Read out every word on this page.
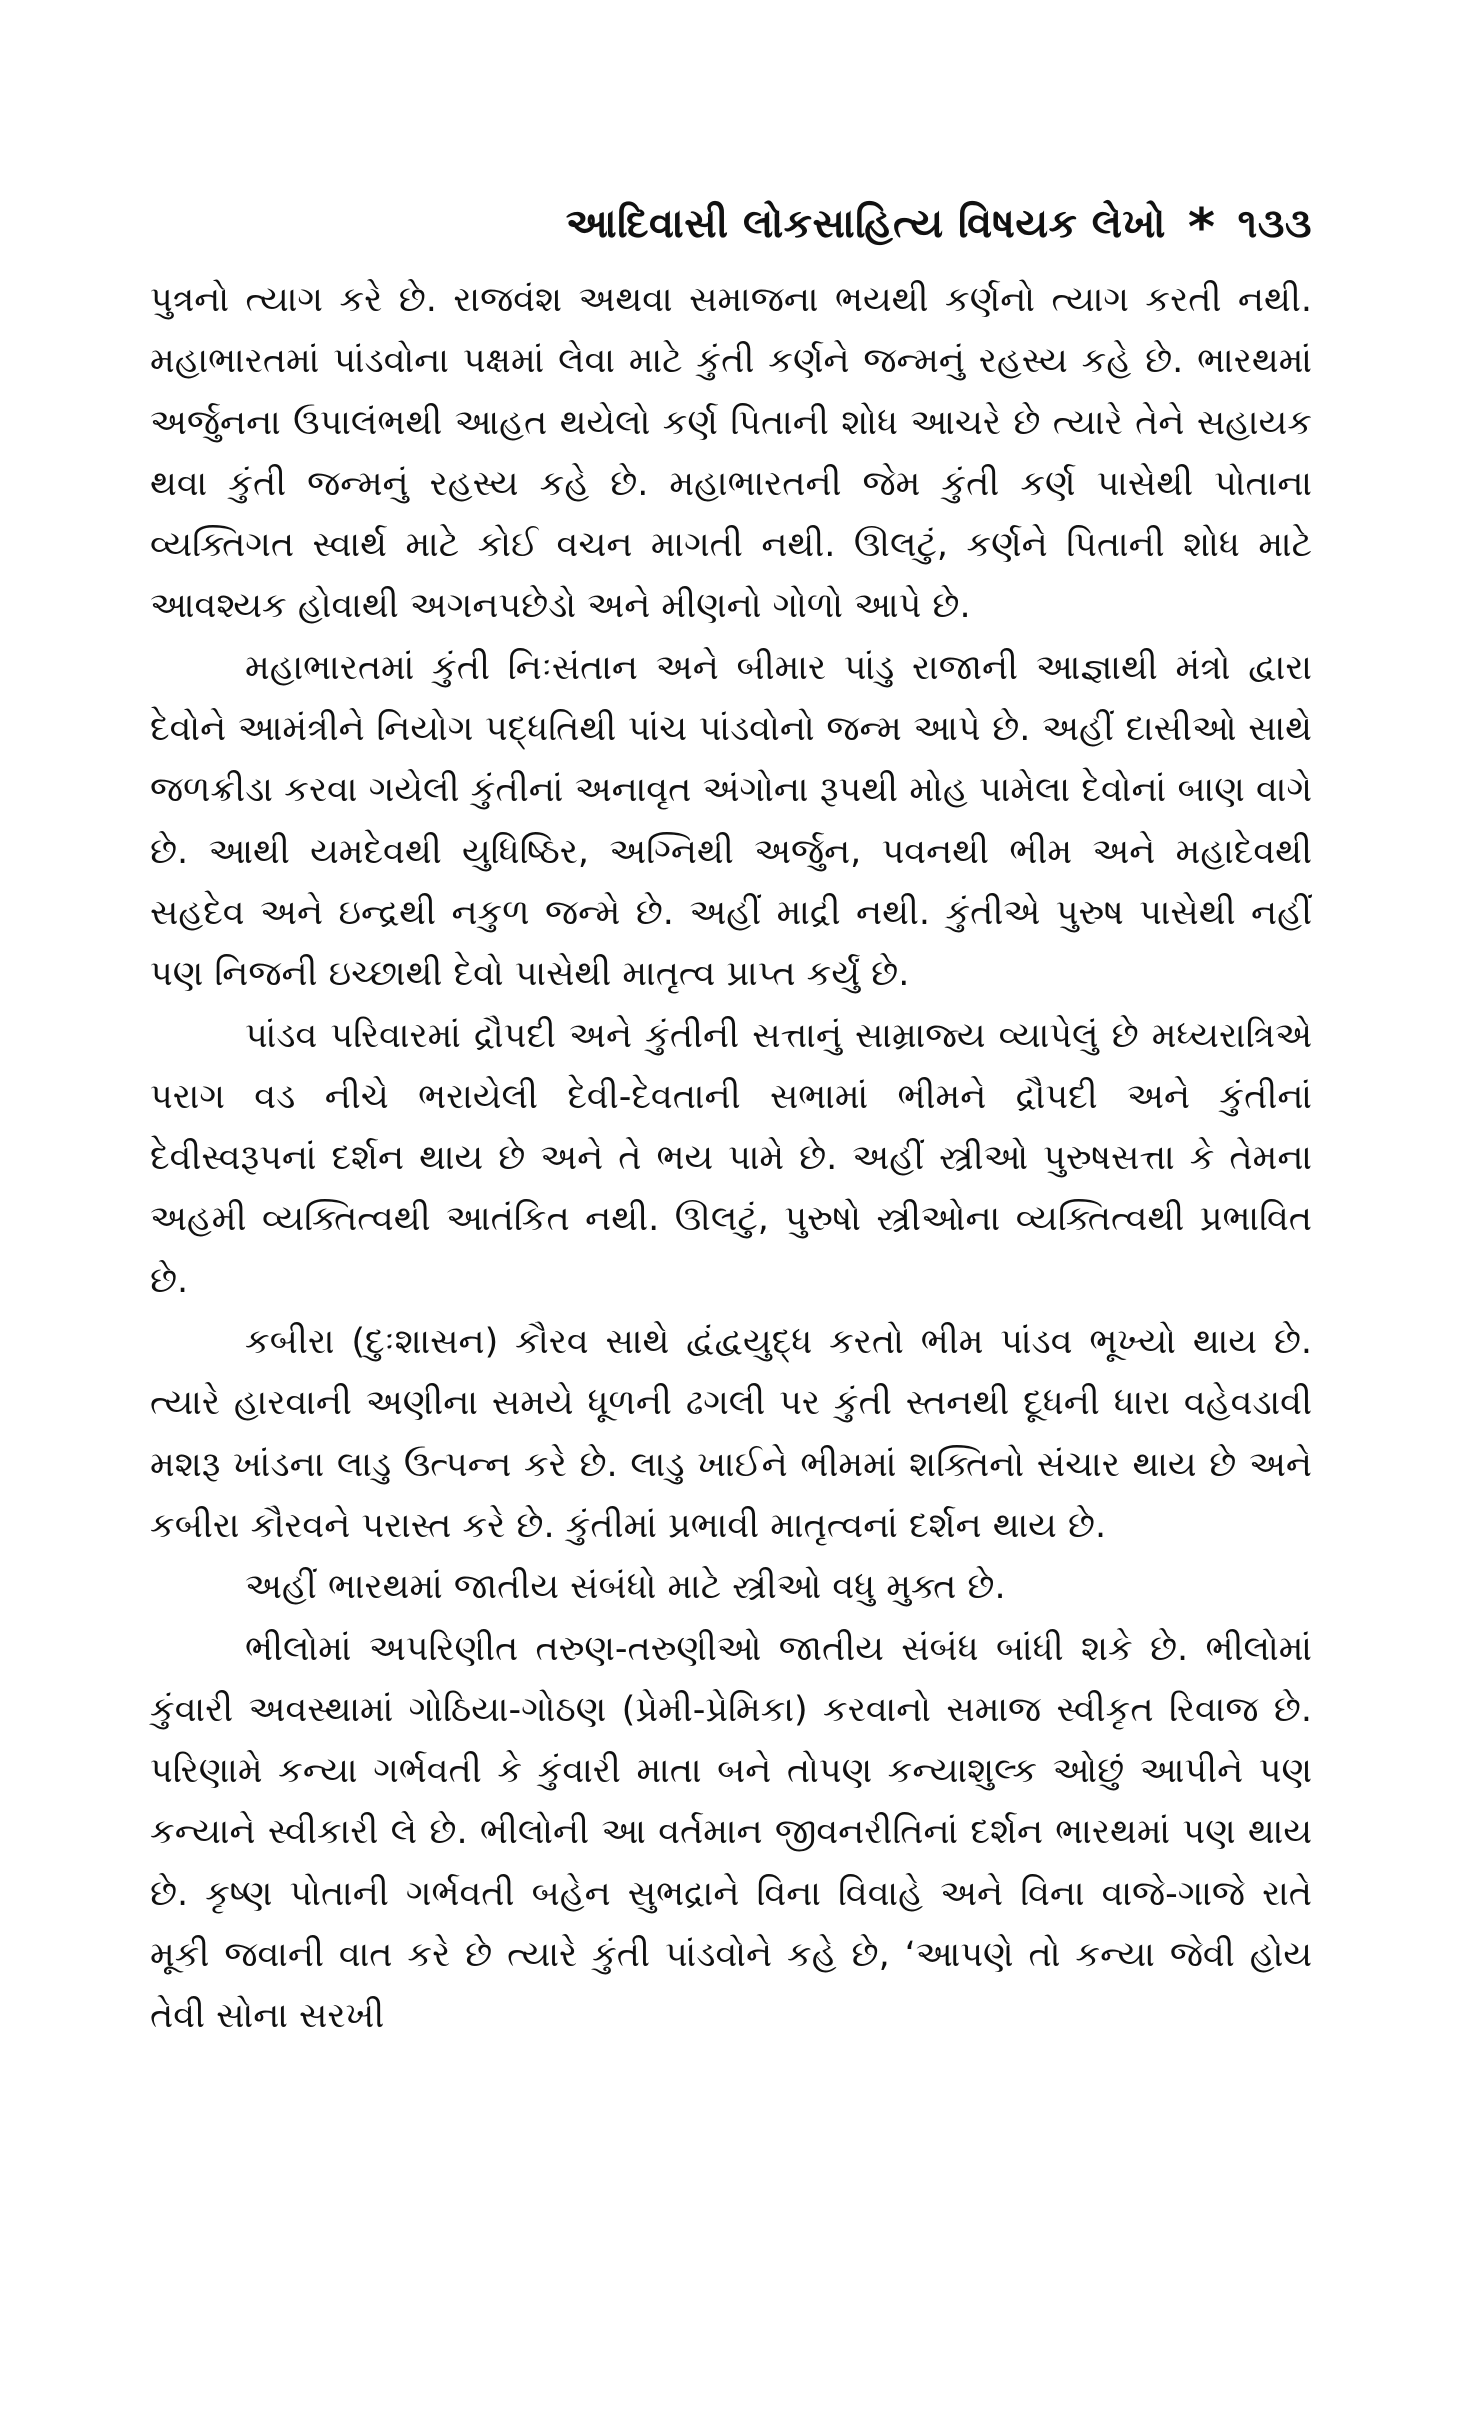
આદિવાસી લોકસાહિત્ય વિષયક લેખો * ૧૩૩

પુત્રનો ત્યાગ કરે છે. રાજવંશ અથવા સમાજના ભયથી કર્ણનો ત્યાગ કરતી નથી. મહાભારતમાં પાંડવોના પક્ષમાં લેવા માટે કુંતી કર્ણને જન્મનું રહસ્ય કહે છે. ભારથમાં અર્જુનના ઉપાલંભથી આહત થયેલો કર્ણ પિતાની શોધ આચરે છે ત્યારે તેને સહાયક થવા કુંતી જન્મનું રહસ્ય કહે છે. મહાભારતની જેમ કુંતી કર્ણ પાસેથી પોતાના વ્યક્તિગત સ્વાર્થ માટે કોઈ વચન માગતી નથી. ઊલટું, કર્ણને પિતાની શોધ માટે આવશ્યક હોવાથી અગનપછેડો અને મીણનો ગોળો આપે છે.

મહાભારતમાં કુંતી નિઃસંતાન અને બીમાર પાંડુ રાજાની આજ્ઞાથી મંત્રો દ્વારા દેવોને આમંત્રીને નિયોગ પદ્ધતિથી પાંચ પાંડવોનો જન્મ આપે છે. અહીં દાસીઓ સાથે જળક્રીડા કરવા ગયેલી કુંતીનાં અનાવૃત અંગોના રૂપથી મોહ પામેલા દેવોનાં બાણ વાગે છે. આથી યમદેવથી યુધિષ્ઠિર, અગ્નિથી અર્જુન, પવનથી ભીમ અને મહાદેવથી સહદેવ અને ઇન્દ્રથી નકુળ જન્મે છે. અહીં માદ્રી નથી. કુંતીએ પુરુષ પાસેથી નહીં પણ નિજની ઇચ્છાથી દેવો પાસેથી માતૃત્વ પ્રાપ્ત કર્યું છે.

પાંડવ પરિવારમાં દ્રૌપદી અને કુંતીની સત્તાનું સામ્રાજ્ય વ્યાપેલું છે મધ્યરાત્રિએ પરાગ વડ નીચે ભરાયેલી દેવી-દેવતાની સભામાં ભીમને દ્રૌપદી અને કુંતીનાં દેવીસ્વરૂપનાં દર્શન થાય છે અને તે ભય પામે છે. અહીં સ્ત્રીઓ પુરુષસત્તા કે તેમના અહમી વ્યક્તિત્વથી આતંકિત નથી. ઊલટું, પુરુષો સ્ત્રીઓના વ્યક્તિત્વથી પ્રભાવિત છે.

કબીરા (દુઃશાસન) કૌરવ સાથે દ્વંદ્વયુદ્ધ કરતો ભીમ પાંડવ ભૂખ્યો થાય છે. ત્યારે હારવાની અણીના સમયે ધૂળની ઢગલી પર કુંતી સ્તનથી દૂધની ધારા વહેવડાવી મશરૂ ખાંડના લાડુ ઉત્પન્ન કરે છે. લાડુ ખાઈને ભીમમાં શક્તિનો સંચાર થાય છે અને કબીરા કૌરવને પરાસ્ત કરે છે. કુંતીમાં પ્રભાવી માતૃત્વનાં દર્શન થાય છે.

અહીં ભારથમાં જાતીય સંબંધો માટે સ્ત્રીઓ વધુ મુક્ત છે.

ભીલોમાં અપરિણીત તરુણ-તરુણીઓ જાતીય સંબંધ બાંધી શકે છે. ભીલોમાં કુંવારી અવસ્થામાં ગોઠિયા-ગોઠણ (પ્રેમી-પ્રેમિકા) કરવાનો સમાજ સ્વીકૃત રિવાજ છે. પરિણામે કન્યા ગર્ભવતી કે કુંવારી માતા બને તોપણ કન્યાશુલ્ક ઓછું આપીને પણ કન્યાને સ્વીકારી લે છે. ભીલોની આ વર્તમાન જીવનરીતિનાં દર્શન ભારથમાં પણ થાય છે. કૃષ્ણ પોતાની ગર્ભવતી બહેન સુભદ્રાને વિના વિવાહે અને વિના વાજે-ગાજે રાતે મૂકી જવાની વાત કરે છે ત્યારે કુંતી પાંડવોને કહે છે, ‘આપણે તો કન્યા જેવી હોય તેવી સોના સરખી
